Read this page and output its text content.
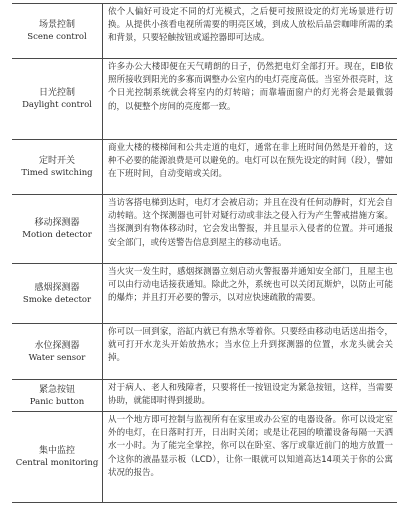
场景控制
Scene control
依个人偏好可设定不同的灯光模式，之后便可按照设定的灯光场景进行切换。从提供小孩看电视所需要的明亮区域，到成人放松后品尝咖啡所需的柔和背景，只要轻触按钮或遥控器即可达成。
日光控制
Daylight control
许多办公大楼即便在天气晴朗的日子，仍然把电灯全部打开。现在，EIB依照所接收到阳光的多寡而调整办公室内的电灯亮度高低。当室外很亮时，这个日光控制系统就会将室内的灯转暗；而靠墙面窗户的灯光将会是最微弱的，以便整个房间的亮度都一致。
定时开关
Timed switching
商业大楼的楼梯间和公共走道的电灯，通常在非上班时间仍然是开着的，这种不必要的能源浪费是可以避免的。电灯可以在预先设定的时间（段），譬如在下班时间，自动变暗或关闭。
移动探测器
Motion detector
当访客搭电梯到达时，电灯才会被启动；并且在没有任何动静时，灯光会自动转暗。这个探测器也可针对疑行动或非法之侵入行为产生警戒措施方案。当探测到有物体移动时，它会发出警报，并且显示入侵者的位置。并可通报安全部门，或传送警告信息到屋主的移动电话。
感烟探测器
Smoke detector
当火灾一发生时，感烟探测器立刻启动火警报器并通知安全部门，且屋主也可以由行动电话接获通知。除此之外，系统也可以关闭瓦斯炉，以防止可能的爆炸；并且打开必要的警示，以对应快速疏散的需要。
水位探测器
Water sensor
你可以一回到家，浴缸内就已有热水等着你。只要经由移动电话送出指令，就可打开水龙头开始放热水；当水位上升到探测器的位置，水龙头就会关掉。
紧急按钮
Panic button
对于病人、老人和残障者，只要将任一按钮设定为紧急按钮，这样，当需要协助，就能即时得到援助。
集中监控
Central monitoring
从一个地方即可控制与监视所有在家里或办公室的电器设备。你可以设定室外的电灯，在日落时打开，日出时关闭；或是让花园的喷灌设备每隔一天洒水一小时。为了能完全掌控，你可以在卧室、客厅或靠近前门的地方放置一个这你的液晶显示板（LCD），让你一眼就可以知道高达14项关于你的公寓状况的报告。
